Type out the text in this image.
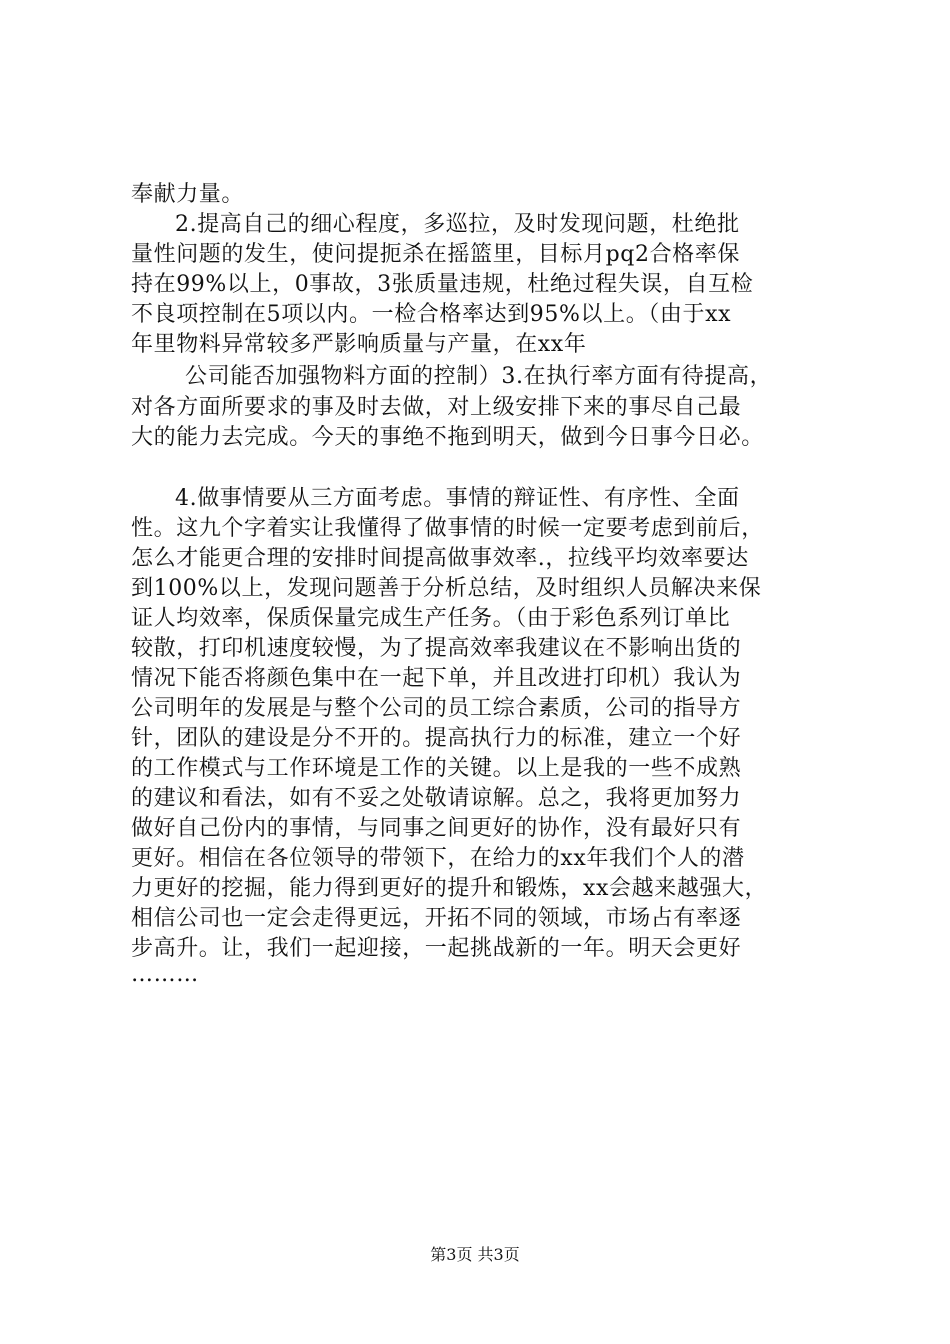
奉献力量。
2.提高自己的细心程度，多巡拉，及时发现问题，杜绝批
量性问题的发生，使问提扼杀在摇篮里，目标月pq2合格率保
持在99%以上，0事故，3张质量违规，杜绝过程失误，自互检
不良项控制在5项以内。一检合格率达到95%以上。（由于xx
年里物料异常较多严影响质量与产量，在xx年
公司能否加强物料方面的控制）3.在执行率方面有待提高，
对各方面所要求的事及时去做，对上级安排下来的事尽自己最
大的能力去完成。今天的事绝不拖到明天，做到今日事今日必。
4.做事情要从三方面考虑。事情的辩证性、有序性、全面
性。这九个字着实让我懂得了做事情的时候一定要考虑到前后，
怎么才能更合理的安排时间提高做事效率.，拉线平均效率要达
到100%以上，发现问题善于分析总结，及时组织人员解决来保
证人均效率，保质保量完成生产任务。（由于彩色系列订单比
较散，打印机速度较慢，为了提高效率我建议在不影响出货的
情况下能否将颜色集中在一起下单，并且改进打印机）我认为
公司明年的发展是与整个公司的员工综合素质，公司的指导方
针，团队的建设是分不开的。提高执行力的标准，建立一个好
的工作模式与工作环境是工作的关键。以上是我的一些不成熟
的建议和看法，如有不妥之处敬请谅解。总之，我将更加努力
做好自己份内的事情，与同事之间更好的协作，没有最好只有
更好。相信在各位领导的带领下，在给力的xx年我们个人的潜
力更好的挖掘，能力得到更好的提升和锻炼，xx会越来越强大，
相信公司也一定会走得更远，开拓不同的领域，市场占有率逐
步高升。让，我们一起迎接，一起挑战新的一年。明天会更好
………
第3页 共3页
